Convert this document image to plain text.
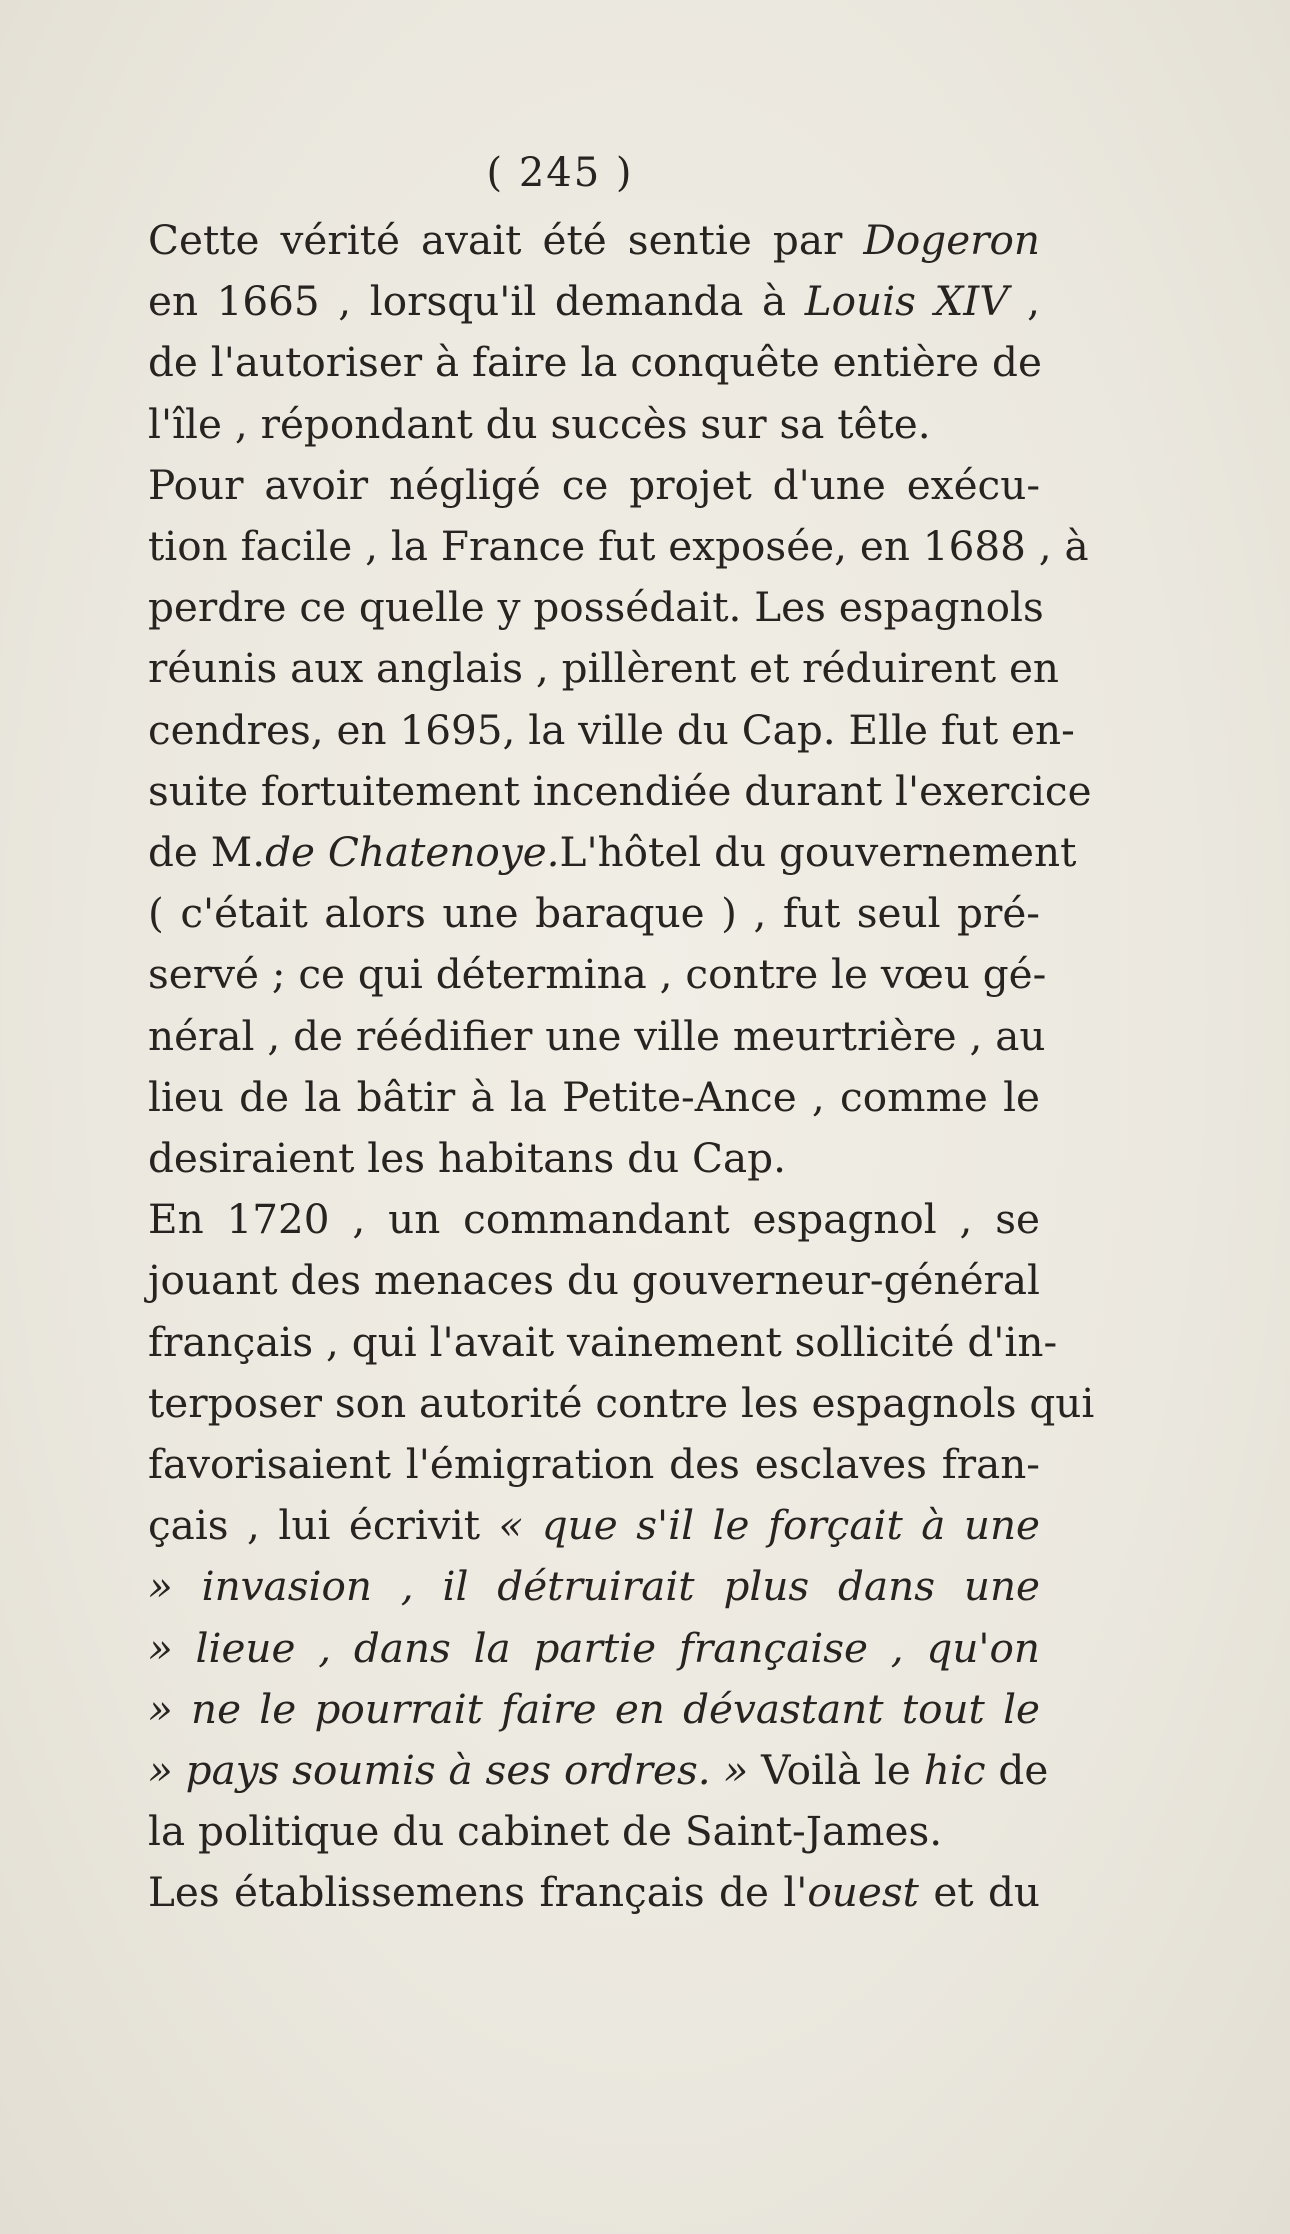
( 245 )

Cette vérité avait été sentie par Dogeron
en 1665 , lorsqu'il demanda à Louis XIV ,
de l'autoriser à faire la conquête entière de
l'île , répondant du succès sur sa tête.

Pour avoir négligé ce projet d'une exécu-
tion facile , la France fut exposée, en 1688 , à
perdre ce quelle y possédait. Les espagnols
réunis aux anglais , pillèrent et réduirent en
cendres, en 1695, la ville du Cap. Elle fut en-
suite fortuitement incendiée durant l'exercice
de M.de Chatenoye.L'hôtel du gouvernement
( c'était alors une baraque ) , fut seul pré-
servé ; ce qui détermina , contre le vœu gé-
néral , de réédifier une ville meurtrière , au
lieu de la bâtir à la Petite-Ance , comme le
desiraient les habitans du Cap.

En 1720 , un commandant espagnol , se
jouant des menaces du gouverneur-général
français , qui l'avait vainement sollicité d'in-
terposer son autorité contre les espagnols qui
favorisaient l'émigration des esclaves fran-
çais , lui écrivit « que s'il le forçait à une
» invasion , il détruirait plus dans une
» lieue , dans la partie française , qu'on
» ne le pourrait faire en dévastant tout le
» pays soumis à ses ordres. » Voilà le hic de
la politique du cabinet de Saint-James.

Les établissemens français de l'ouest et du
